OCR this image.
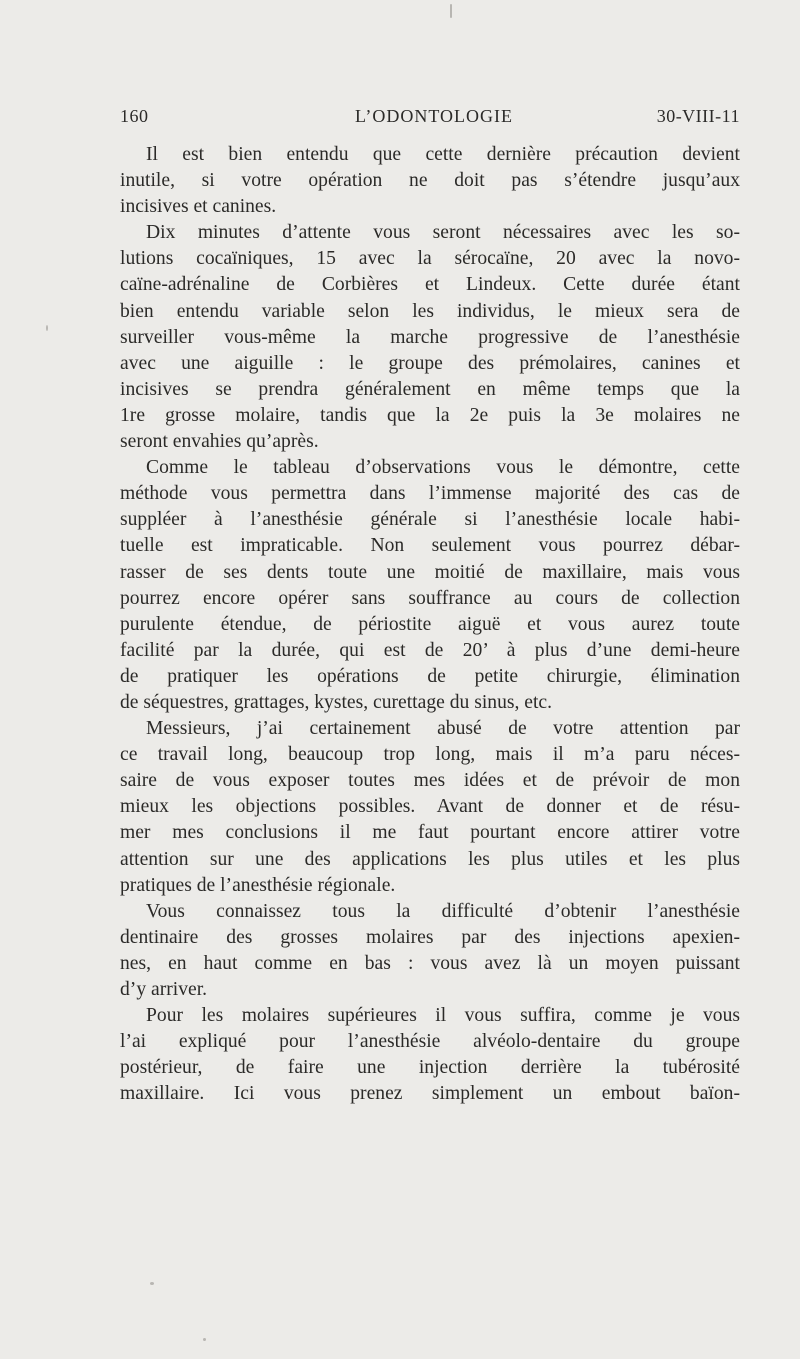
160	L’ODONTOLOGIE	30-VIII-11
Il est bien entendu que cette dernière précaution devient
inutile, si votre opération ne doit pas s’étendre jusqu’aux
incisives et canines.
Dix minutes d’attente vous seront nécessaires avec les so-
lutions cocaïniques, 15 avec la sérocaïne, 20 avec la novo-
caïne-adrénaline de Corbières et Lindeux. Cette durée étant
bien entendu variable selon les individus, le mieux sera de
surveiller vous-même la marche progressive de l’anesthésie
avec une aiguille : le groupe des prémolaires, canines et
incisives se prendra généralement en même temps que la
1re grosse molaire, tandis que la 2e puis la 3e molaires ne
seront envahies qu’après.
Comme le tableau d’observations vous le démontre, cette
méthode vous permettra dans l’immense majorité des cas de
suppléer à l’anesthésie générale si l’anesthésie locale habi-
tuelle est impraticable. Non seulement vous pourrez débar-
rasser de ses dents toute une moitié de maxillaire, mais vous
pourrez encore opérer sans souffrance au cours de collection
purulente étendue, de périostite aiguë et vous aurez toute
facilité par la durée, qui est de 20’ à plus d’une demi-heure
de pratiquer les opérations de petite chirurgie, élimination
de séquestres, grattages, kystes, curettage du sinus, etc.
Messieurs, j’ai certainement abusé de votre attention par
ce travail long, beaucoup trop long, mais il m’a paru néces-
saire de vous exposer toutes mes idées et de prévoir de mon
mieux les objections possibles. Avant de donner et de résu-
mer mes conclusions il me faut pourtant encore attirer votre
attention sur une des applications les plus utiles et les plus
pratiques de l’anesthésie régionale.
Vous connaissez tous la difficulté d’obtenir l’anesthésie
dentinaire des grosses molaires par des injections apexien-
nes, en haut comme en bas : vous avez là un moyen puissant
d’y arriver.
Pour les molaires supérieures il vous suffira, comme je vous
l’ai expliqué pour l’anesthésie alvéolo-dentaire du groupe
postérieur, de faire une injection derrière la tubérosité
maxillaire. Ici vous prenez simplement un embout baïon-
